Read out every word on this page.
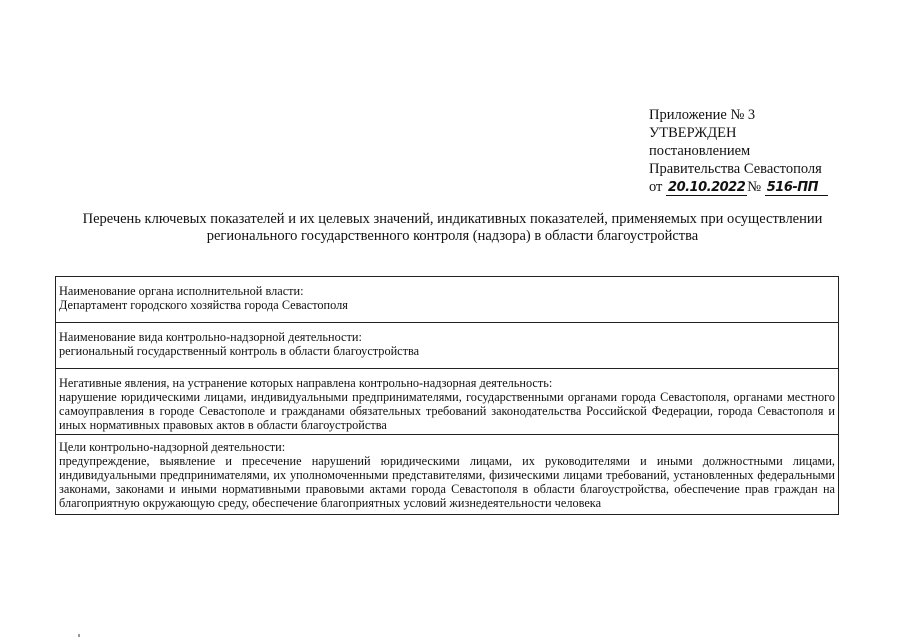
Приложение № 3
УТВЕРЖДЕН
постановлением
Правительства Севастополя
от 20.10.2022 № 516-ПП
Перечень ключевых показателей и их целевых значений, индикативных показателей, применяемых при осуществлении регионального государственного контроля (надзора) в области благоустройства
Наименование органа исполнительной власти:
Департамент городского хозяйства города Севастополя
Наименование вида контрольно-надзорной деятельности:
региональный государственный контроль в области благоустройства
Негативные явления, на устранение которых направлена контрольно-надзорная деятельность:
нарушение юридическими лицами, индивидуальными предпринимателями, государственными органами города Севастополя, органами местного самоуправления в городе Севастополе и гражданами обязательных требований законодательства Российской Федерации, города Севастополя и иных нормативных правовых актов в области благоустройства
Цели контрольно-надзорной деятельности:
предупреждение, выявление и пресечение нарушений юридическими лицами, их руководителями и иными должностными лицами, индивидуальными предпринимателями, их уполномоченными представителями, физическими лицами требований, установленных федеральными законами, законами и иными нормативными правовыми актами города Севастополя в области благоустройства, обеспечение прав граждан на благоприятную окружающую среду, обеспечение благоприятных условий жизнедеятельности человека
